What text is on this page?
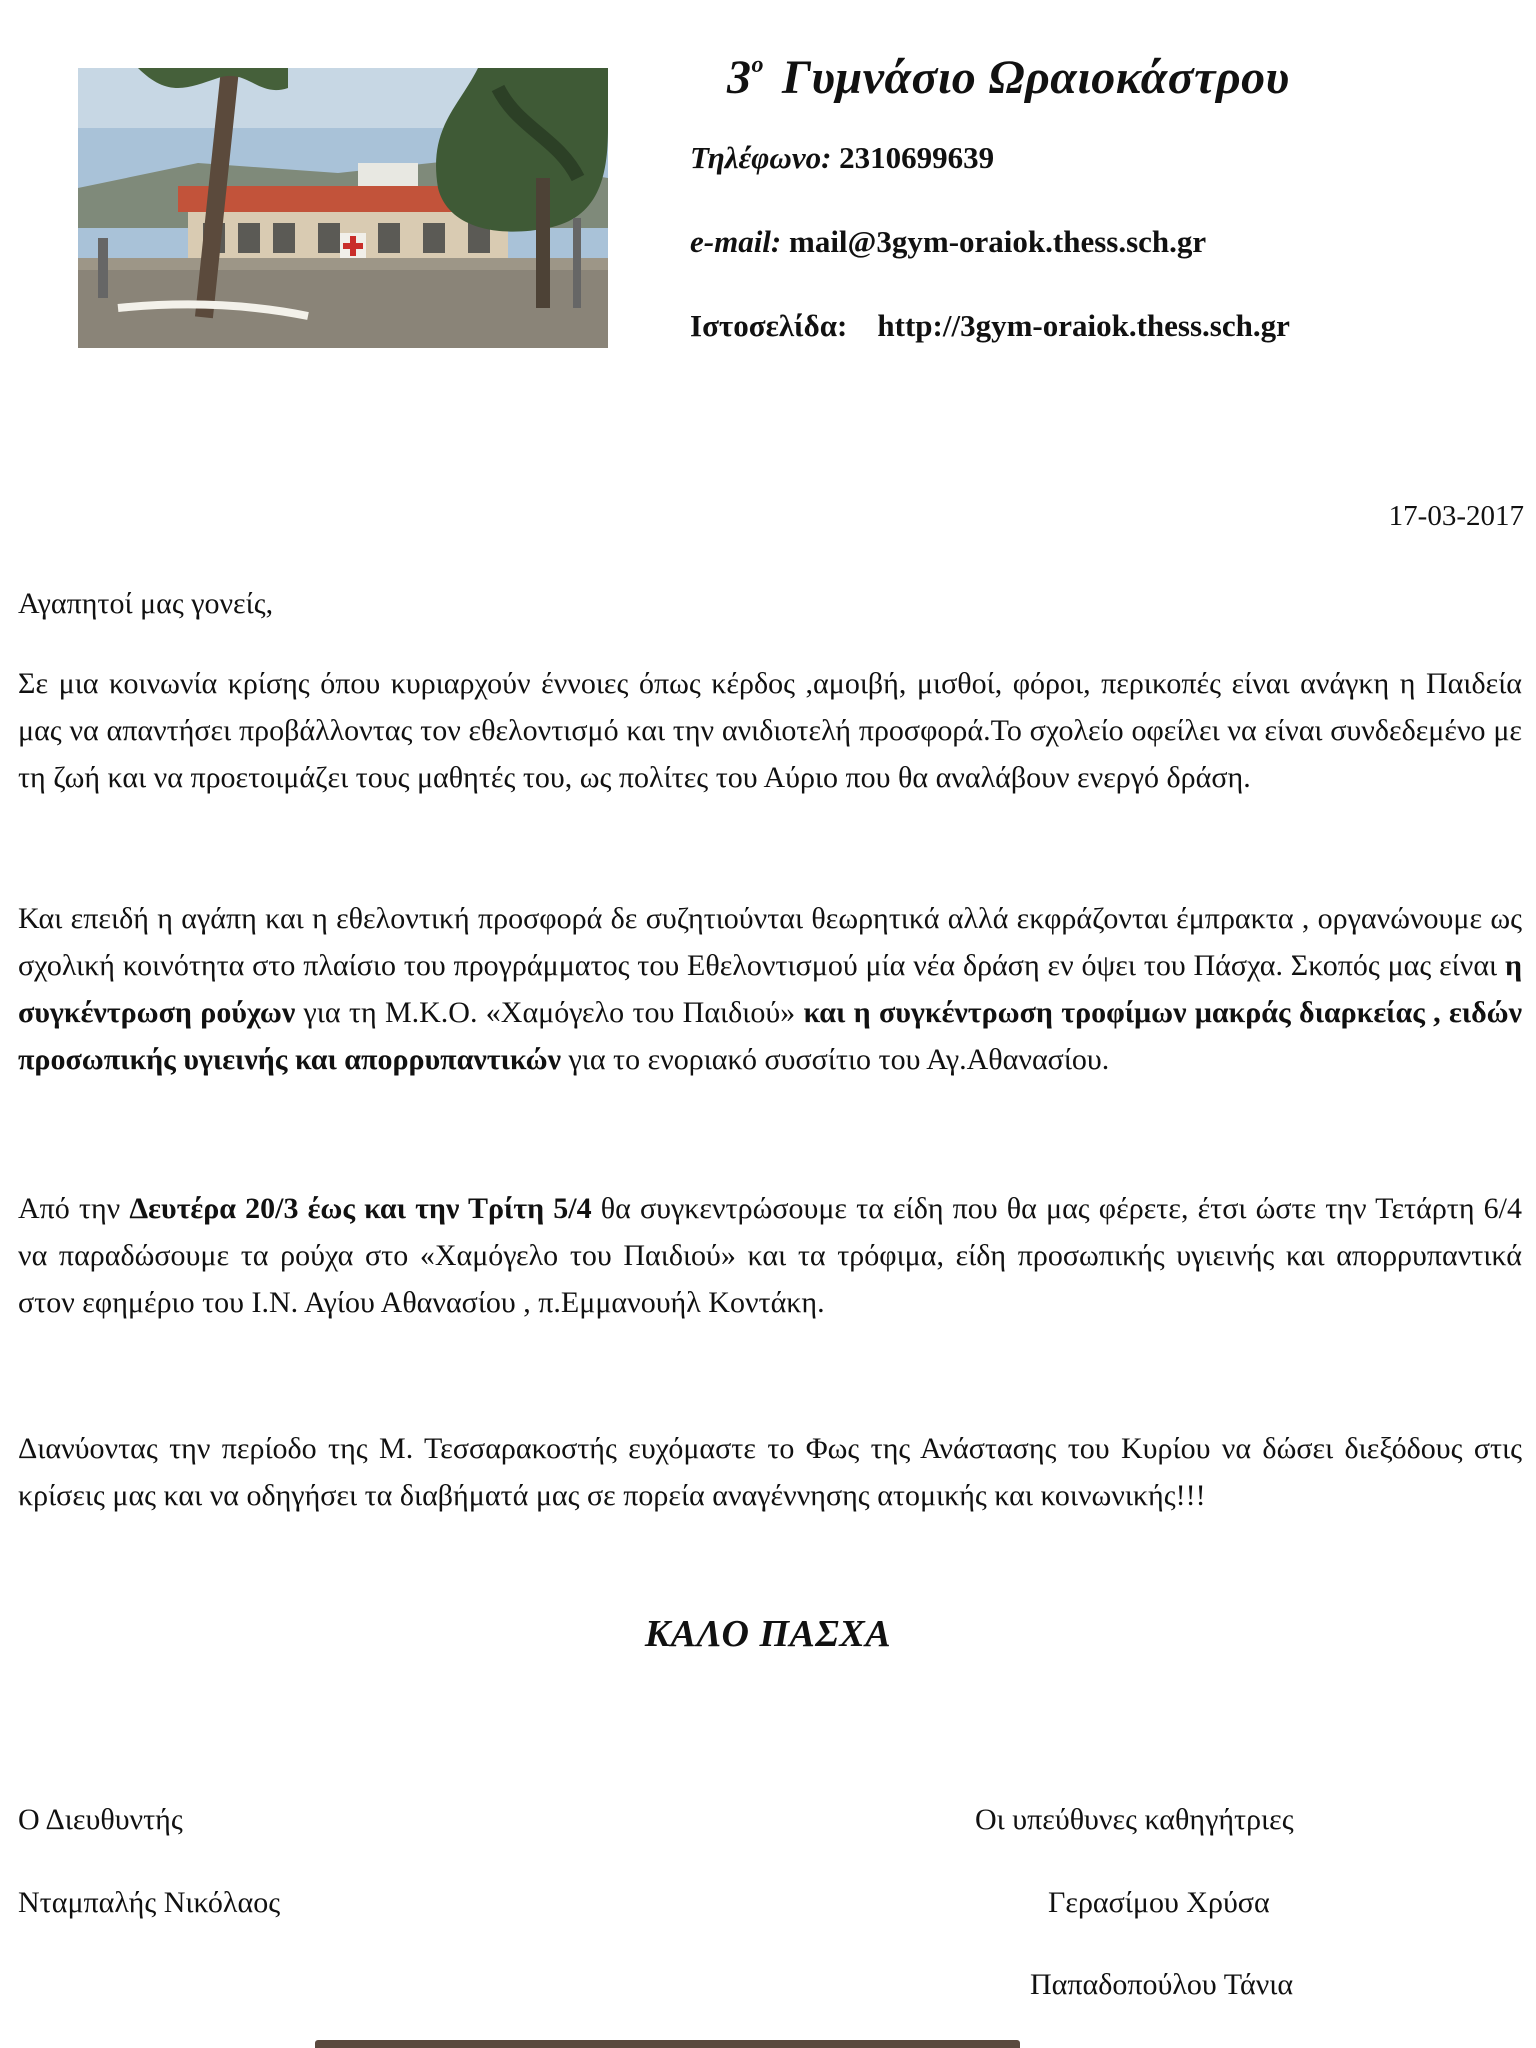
$3^o$ Γυμνάσιο Ωραιοκάστρου
Τηλέφωνο: 2310699639
e-mail: mail@3gym-oraiok.thess.sch.gr
Ιστοσελίδα: http://3gym-oraiok.thess.sch.gr
17-03-2017
Αγαπητοί μας γονείς,
Σε μια κοινωνία κρίσης όπου κυριαρχούν έννοιες όπως κέρδος ,αμοιβή, μισθοί, φόροι, περικοπές είναι ανάγκη η Παιδεία μας να απαντήσει προβάλλοντας τον εθελοντισμό και την ανιδιοτελή προσφορά.Το σχολείο οφείλει να είναι συνδεδεμένο με τη ζωή και να προετοιμάζει τους μαθητές του, ως πολίτες του Αύριο που θα αναλάβουν ενεργό δράση.
Και επειδή η αγάπη και η εθελοντική προσφορά δε συζητιούνται θεωρητικά αλλά εκφράζονται έμπρακτα , οργανώνουμε ως σχολική κοινότητα στο πλαίσιο του προγράμματος του Εθελοντισμού μία νέα δράση εν όψει του Πάσχα. Σκοπός μας είναι η συγκέντρωση ρούχων για τη Μ.Κ.Ο. «Χαμόγελο του Παιδιού» και η συγκέντρωση τροφίμων μακράς διαρκείας , ειδών προσωπικής υγιεινής και απορρυπαντικών για το ενοριακό συσσίτιο του Αγ.Αθανασίου.
Από την Δευτέρα 20/3 έως και την Τρίτη 5/4 θα συγκεντρώσουμε τα είδη που θα μας φέρετε, έτσι ώστε την Τετάρτη 6/4 να παραδώσουμε τα ρούχα στο «Χαμόγελο του Παιδιού» και τα τρόφιμα, είδη προσωπικής υγιεινής και απορρυπαντικά στον εφημέριο του Ι.Ν. Αγίου Αθανασίου , π.Εμμανουήλ Κοντάκη.
Διανύοντας την περίοδο της Μ. Τεσσαρακοστής ευχόμαστε το Φως της Ανάστασης του Κυρίου να δώσει διεξόδους στις κρίσεις μας και να οδηγήσει τα διαβήματά μας σε πορεία αναγέννησης ατομικής και κοινωνικής!!!
ΚΑΛΟ ΠΑΣΧΑ
Ο Διευθυντής
Νταμπαλής Νικόλαος
Οι υπεύθυνες καθηγήτριες
Γερασίμου Χρύσα
Παπαδοπούλου Τάνια
